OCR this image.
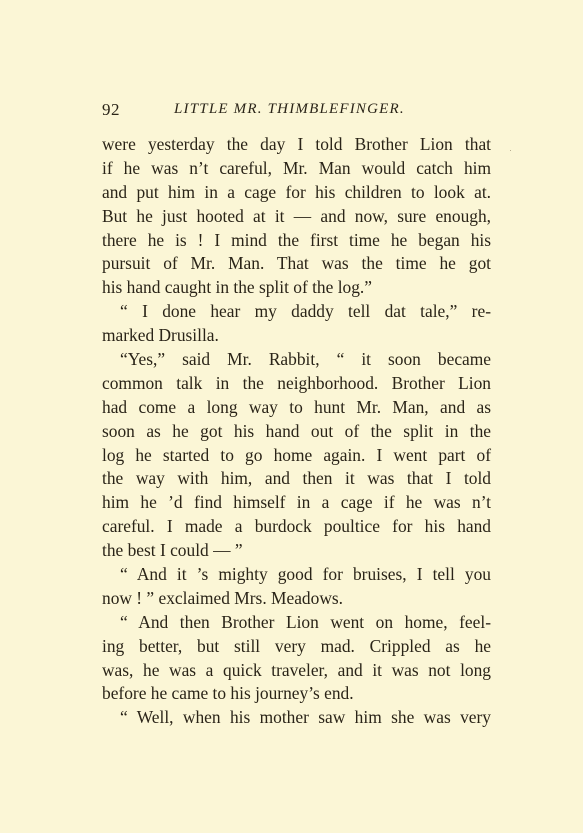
92	LITTLE MR. THIMBLEFINGER.
were yesterday the day I told Brother Lion that
if he was n’t careful, Mr. Man would catch him
and put him in a cage for his children to look at.
But he just hooted at it — and now, sure enough,
there he is ! I mind the first time he began his
pursuit of Mr. Man. That was the time he got
his hand caught in the split of the log.”
“ I done hear my daddy tell dat tale,” re-
marked Drusilla.
“Yes,” said Mr. Rabbit, “ it soon became
common talk in the neighborhood. Brother Lion
had come a long way to hunt Mr. Man, and as
soon as he got his hand out of the split in the
log he started to go home again. I went part of
the way with him, and then it was that I told
him he ’d find himself in a cage if he was n’t
careful. I made a burdock poultice for his hand
the best I could — ”
“ And it ’s mighty good for bruises, I tell you
now ! ” exclaimed Mrs. Meadows.
“ And then Brother Lion went on home, feel-
ing better, but still very mad. Crippled as he
was, he was a quick traveler, and it was not long
before he came to his journey’s end.
“ Well, when his mother saw him she was very
